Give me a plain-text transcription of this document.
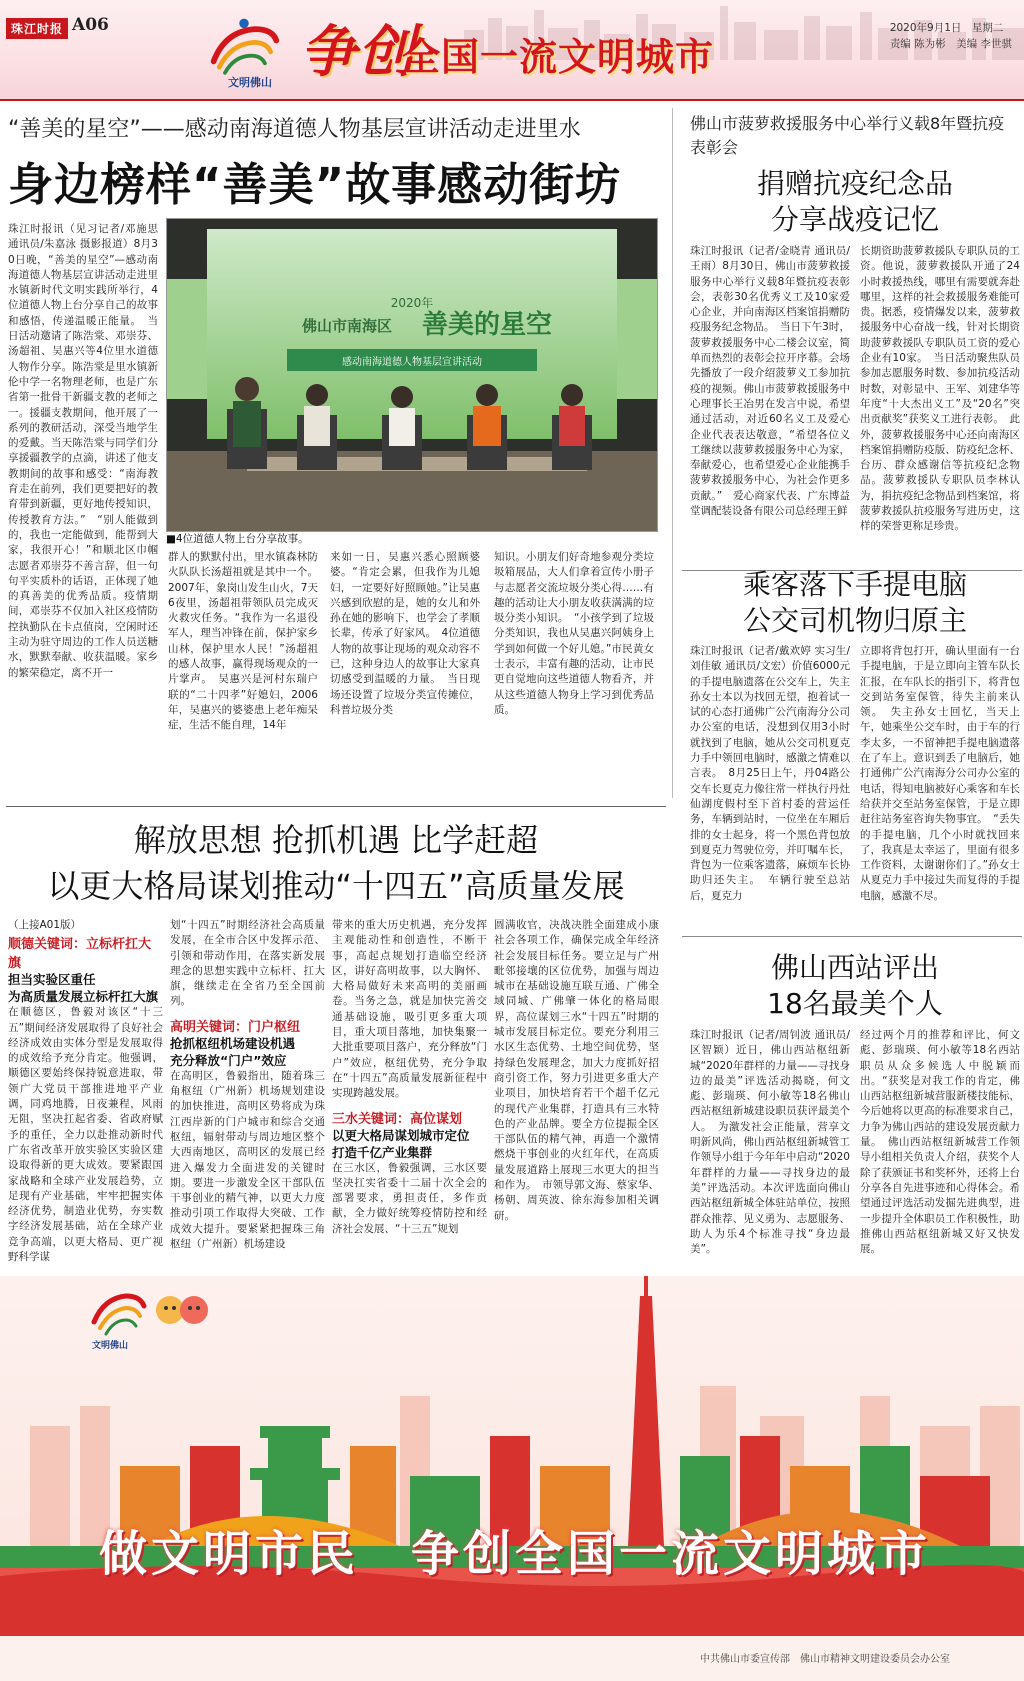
珠江时报 A06
文明佛山 争创
全国一流文明城市
2020年9月1日　星期二
责编 陈为彬　美编 李世骐
“善美的星空”——感动南海道德人物基层宣讲活动走进里水
身边榜样“善美”故事感动街坊
珠江时报讯（见习记者/邓施思 通讯员/朱嘉泳 摄影报道）8月30日晚，“善美的星空”—感动南海道德人物基层宣讲活动走进里水镇新时代文明实践所举行，4位道德人物上台分享自己的故事和感悟，传递温暖正能量。　当日活动邀请了陈浩棠、邓崇芬、汤超祖、吴惠兴等4位里水道德人物作分享。陈浩棠是里水镇新伦中学一名物理老师，也是广东省第一批骨干新疆支教的老师之一。援疆支教期间，他开展了一系列的教研活动，深受当地学生的爱戴。当天陈浩棠与同学们分享援疆教学的点滴，讲述了他支教期间的故事和感受：“南海教育走在前列，我们更要把好的教育带到新疆，更好地传授知识，传授教育方法。”　“别人能做到的，我也一定能做到，能帮到大家，我很开心！”和顺北区巾帼志愿者邓崇芬不善言辞，但一句句平实质朴的话语，正体现了她的真善美的优秀品质。疫情期间，邓崇芬不仅加入社区疫情防控执勤队在卡点值岗，空闲时还主动为驻守周边的工作人员送糖水，默默奉献、收获温暖。家乡的繁荣稳定，离不开一
2020年
佛山市南海区 善美的星空
感动南海道德人物基层宣讲活动
■4位道德人物上台分享故事。
群人的默默付出，里水镇森林防火队队长汤超祖就是其中一个。2007年，象岗山发生山火，7天6夜里，汤超祖带领队员完成灭火救灾任务。“我作为一名退役军人，理当冲锋在前，保护家乡山林，保护里水人民！”汤超祖的感人故事，赢得现场观众的一片掌声。　吴惠兴是河村东瑞户联的“二十四孝”好媳妇，2006年，吴惠兴的婆婆患上老年痴呆症，生活不能自理，14年
来如一日，吴惠兴悉心照顾婆婆。“肯定会累，但我作为儿媳妇，一定要好好照顾她。”让吴惠兴感到欣慰的是，她的女儿和外孙在她的影响下，也学会了孝顺长辈，传承了好家风。　4位道德人物的故事让现场的观众动容不已，这种身边人的故事让大家真切感受到温暖的力量。　当日现场还设置了垃圾分类宣传摊位，科普垃圾分类
知识。小朋友们好奇地参观分类垃圾箱展品，大人们拿着宣传小册子与志愿者交流垃圾分类心得……有趣的活动让大小朋友收获满满的垃圾分类小知识。　“小孩学到了垃圾分类知识，我也从吴惠兴阿姨身上学到如何做一个好儿媳。”市民黄女士表示，丰富有趣的活动，让市民更自觉地向这些道德人物看齐，并从这些道德人物身上学习到优秀品质。
佛山市菠萝救援服务中心举行义载8年暨抗疫表彰会
捐赠抗疫纪念品
分享战疫记忆
珠江时报讯（记者/金晓青 通讯员/王雨）8月30日，佛山市菠萝救援服务中心举行义载8年暨抗疫表彰会，表彰30名优秀义工及10家爱心企业，并向南海区档案馆捐赠防疫服务纪念物品。　当日下午3时，菠萝救援服务中心二楼会议室，简单而热烈的表彰会拉开序幕。会场先播放了一段介绍菠萝义工参加抗疫的视频。佛山市菠萝救援服务中心理事长王冶男在发言中说，希望通过活动，对近60名义工及爱心企业代表表达敬意，“希望各位义工继续以菠萝救援服务中心为家，奉献爱心，也希望爱心企业能携手菠萝救援服务中心，为社会作更多贡献。”　爱心商家代表、广东博益堂调配装设备有限公司总经理王鲜
长期资助菠萝救援队专职队员的工资。他说，菠萝救援队开通了24小时救援热线，哪里有需要就奔赴哪里，这样的社会救援服务难能可贵。据悉，疫情爆发以来，菠萝救援服务中心奋战一线，针对长期资助菠萝救援队专职队员工资的爱心企业有10家。　当日活动聚焦队员参加志愿服务时数、参加抗疫活动时数，对彰显中、王军、刘建华等年度“十大杰出义工”及“20名”突出贡献奖”获奖义工进行表彰。　此外，菠萝救援服务中心还向南海区档案馆捐赠防疫版、防疫纪念杯、台历、群众感谢信等抗疫纪念物品。菠萝救援队专职队员李林认为，捐抗疫纪念物品到档案馆，将菠萝救援队抗疫服务写进历史，这样的荣誉更称足珍贵。
乘客落下手提电脑
公交司机物归原主
珠江时报讯（记者/戴欢婷 实习生/刘佳敏 通讯员/文宏）价值6000元的手提电脑遗落在公交车上，失主孙女士本以为找回无望，抱着试一试的心态打通佛广公汽南海分公司办公室的电话，没想到仅用3小时就找到了电脑，她从公交司机夏克力手中领回电脑时，感激之情难以言表。　8月25日上午，丹04路公交车长夏克力像往常一样执行丹灶仙湖度假村至下首村委的营运任务，车辆到站时，一位坐在车厢后排的女士起身，将一个黑色背包放到夏克力驾驶位旁，并叮嘱车长，背包为一位乘客遗落，麻烦车长协助归还失主。　车辆行驶至总站后，夏克力
立即将背包打开，确认里面有一台手提电脑，于是立即向主管车队长汇报，在车队长的指引下，将背包交到站务室保管，待失主前来认领。　失主孙女士回忆，当天上午，她乘坐公交车时，由于车的行李太多，一不留神把手提电脑遗落在了车上。意识到丢了电脑后，她打通佛广公汽南海分公司办公室的电话，得知电脑被好心乘客和车长给获并交至站务室保管，于是立即赶往站务室咨询失物事宜。　“丢失的手提电脑，几个小时就找回来了，我真是太幸运了，里面有很多工作资料，太谢谢你们了。”孙女士从夏克力手中接过失而复得的手提电脑，感激不尽。
佛山西站评出
18名最美个人
珠江时报讯（记者/周钊波 通讯员/区智颖）近日，佛山西站枢纽新城“2020年群样的力量——寻找身边的最美”评选活动揭晓，何文彪、彭瑞瑛、何小敏等18名佛山西站枢纽新城建设职员获评最美个人。　为激发社会正能量，营享文明新风尚，佛山西站枢纽新城管工作领导小组于今年年中启动“2020年群样的力量——寻找身边的最美”评选活动。本次评选面向佛山西站枢纽新城全体驻站单位，按照群众推荐、见义勇为、志愿服务、助人为乐4个标准寻找“身边最美”。
经过两个月的推荐和评比，何文彪、彭瑞瑛、何小敏等18名西站职员从众多候选人中脱颖而出。“获奖是对我工作的肯定，佛山西站枢纽新城营服新楼技能标，今后她将以更高的标准要求自己，力争为佛山西站的建设发展贡献力量。　佛山西站枢纽新城营工作领导小组相关负责人介绍，获奖个人除了获颁证书和奖杯外，还将上台分享各自先进事迹和心得体会。希望通过评选活动发掘先进典型，进一步提升全体职员工作积极性，助推佛山西站枢纽新城又好又快发展。
解放思想 抢抓机遇 比学赶超
以更大格局谋划推动“十四五”高质量发展
（上接A01版）
顺德关键词：立标杆扛大旗
担当实验区重任
为高质量发展立标杆扛大旗
在顺德区，鲁毅对该区“十三五”期间经济发展取得了良好社会经济成效由实体分型是发展取得的成效给予充分肯定。他强调，顺德区要始终保持锐意进取，带领广大党员干部推进地平产业调，同鸡地腾，日夜兼程，风雨无阻，坚决扛起省委、省政府赋予的重任，全力以赴推动新时代广东省改革开放实验区实验区建设取得新的更大成效。要紧跟国家战略和全球产业发展趋势，立足现有产业基础，牢牢把握实体经济优势，制造业优势，夯实数字经济发展基础，站在全球产业竞争高端，以更大格局、更广视野科学谋
划“十四五”时期经济社会高质量发展，在全市合区中发挥示范、引领和带动作用，在落实新发展理念的思想实践中立标杆、扛大旗，继续走在全省乃至全国前列。
高明关键词：门户枢纽
抢抓枢纽机场建设机遇
充分释放“门户”效应
在高明区，鲁毅指出，随着珠三角枢纽（广州新）机场规划建设的加快推进，高明区势将成为珠江西岸新的门户城市和综合交通枢纽，辐射带动与周边地区整个大西南地区，高明区的发展已经进入爆发力全面进发的关键时期。要进一步激发全区干部队伍干事创业的精气神，以更大力度推动引项工作取得大突破、工作成效大提升。要紧紧把握珠三角枢纽（广州新）机场建设
带来的重大历史机遇，充分发挥主观能动性和创造性，不断干事，高起点规划打造临空经济区，讲好高明故事，以大胸怀、大格局做好未来高明的美丽画卷。当务之急，就是加快完善交通基础设施，吸引更多重大项目，重大项目落地，加快集聚一大批重要项目落户，充分释放“门户”效应，枢纽优势，充分争取在“十四五”高质量发展新征程中实现跨越发展。
三水关键词：高位谋划
以更大格局谋划城市定位
打造千亿产业集群
在三水区，鲁毅强调，三水区要坚决扛实省委十二届十次全会的部署要求，勇担责任，多作贡献，全力做好统筹疫情防控和经济社会发展、“十三五”规划
圆满收官，决战决胜全面建成小康社会各项工作，确保完成全年经济社会发展目标任务。要立足与广州毗邻接壤的区位优势，加强与周边城市在基础设施互联互通、广佛全域同城、广佛肇一体化的格局眼界，高位谋划三水“十四五”时期的城市发展目标定位。要充分利用三水区生态优势、土地空间优势，坚持绿色发展理念，加大力度抓好招商引资工作，努力引进更多重大产业项目，加快培育若干个超千亿元的现代产业集群，打造具有三水特色的产业品牌。要全方位提振全区干部队伍的精气神，再造一个激情燃烧干事创业的火红年代，在高质量发展道路上展现三水更大的担当和作为。　市领导郭文海、蔡家华、杨朝、周英波、徐东海参加相关调研。
文明佛山
做文明市民　争创全国一流文明城市
中共佛山市委宣传部　佛山市精神文明建设委员会办公室
